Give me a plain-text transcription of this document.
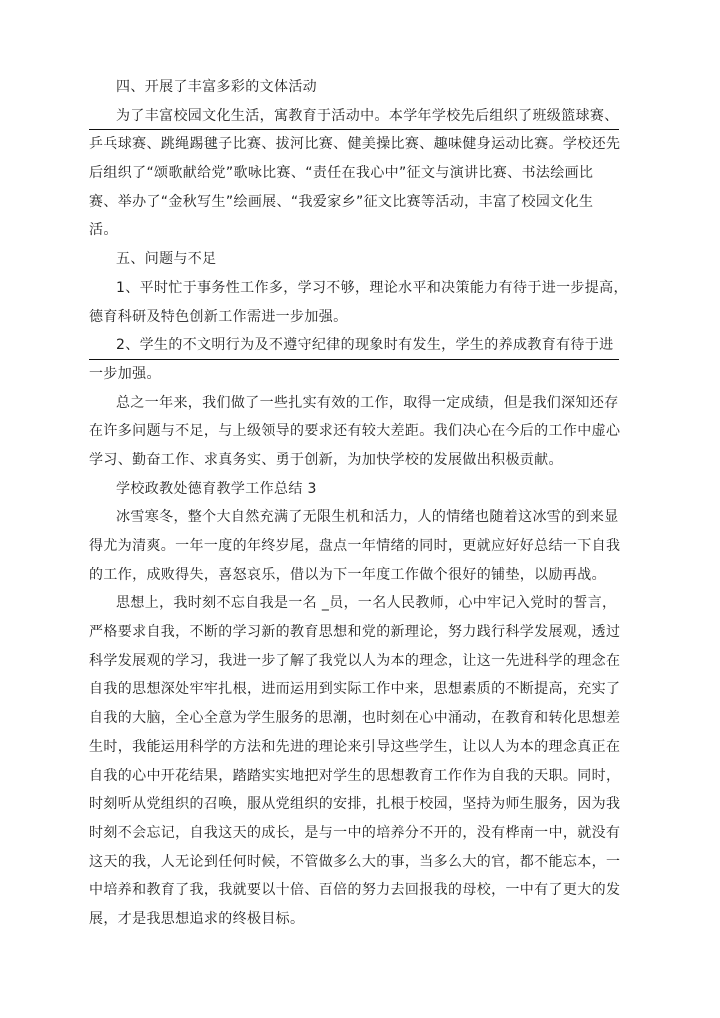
四、开展了丰富多彩的文体活动
为了丰富校园文化生活，寓教育于活动中。本学年学校先后组织了班级篮球赛、
乒乓球赛、跳绳踢毽子比赛、拔河比赛、健美操比赛、趣味健身运动比赛。学校还先
后组织了“颂歌献给党”歌咏比赛、“责任在我心中”征文与演讲比赛、书法绘画比
赛、举办了“金秋写生”绘画展、“我爱家乡”征文比赛等活动，丰富了校园文化生
活。
五、问题与不足
1、平时忙于事务性工作多，学习不够，理论水平和决策能力有待于进一步提高，
德育科研及特色创新工作需进一步加强。
2、学生的不文明行为及不遵守纪律的现象时有发生，学生的养成教育有待于进
一步加强。
总之一年来，我们做了一些扎实有效的工作，取得一定成绩，但是我们深知还存
在许多问题与不足，与上级领导的要求还有较大差距。我们决心在今后的工作中虚心
学习、勤奋工作、求真务实、勇于创新，为加快学校的发展做出积极贡献。
学校政教处德育教学工作总结 3
冰雪寒冬，整个大自然充满了无限生机和活力，人的情绪也随着这冰雪的到来显
得尤为清爽。一年一度的年终岁尾，盘点一年情绪的同时，更就应好好总结一下自我
的工作，成败得失，喜怒哀乐，借以为下一年度工作做个很好的铺垫，以励再战。
思想上，我时刻不忘自我是一名 _员，一名人民教师，心中牢记入党时的誓言，
严格要求自我，不断的学习新的教育思想和党的新理论，努力践行科学发展观，透过
科学发展观的学习，我进一步了解了我党以人为本的理念，让这一先进科学的理念在
自我的思想深处牢牢扎根，进而运用到实际工作中来，思想素质的不断提高，充实了
自我的大脑，全心全意为学生服务的思潮，也时刻在心中涌动，在教育和转化思想差
生时，我能运用科学的方法和先进的理论来引导这些学生，让以人为本的理念真正在
自我的心中开花结果，踏踏实实地把对学生的思想教育工作作为自我的天职。同时，
时刻听从党组织的召唤，服从党组织的安排，扎根于校园，坚持为师生服务，因为我
时刻不会忘记，自我这天的成长，是与一中的培养分不开的，没有桦南一中，就没有
这天的我，人无论到任何时候，不管做多么大的事，当多么大的官，都不能忘本，一
中培养和教育了我，我就要以十倍、百倍的努力去回报我的母校，一中有了更大的发
展，才是我思想追求的终极目标。
